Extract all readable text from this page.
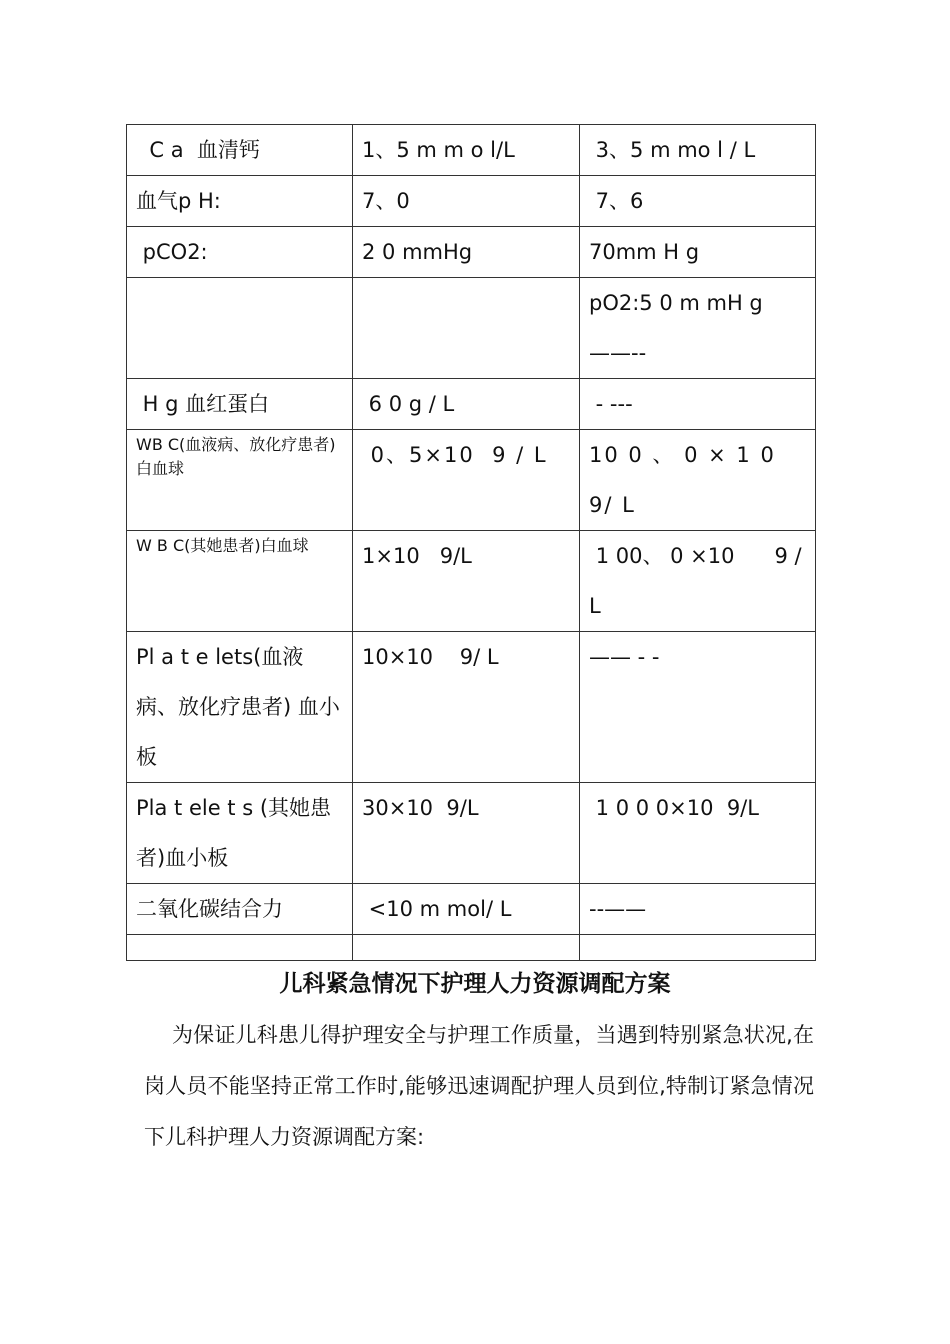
C a  血清钙	1、5 m m o l/L	3、5 m mo l / L
血气p H:	7、0	7、6
pCO2:	2 0 mmHg	70mm H g
		pO2:5 0 m mH g ——--
H g 血红蛋白	6 0 g / L	- ---
WB C(血液病、放化疗患者) 白血球	0、5×10  9 / L	10 0 、 0 × 1 0 9/ L
W B C(其她患者)白血球	1×10   9/L	1 00、 0 ×10      9 / L
Pl a t e lets(血液病、放化疗患者) 血小板	10×10    9/ L	—— - -
Pla t ele t s (其她患者)血小板	30×10  9/L	1 0 0 0×10  9/L
二氧化碳结合力	<10 m mol/ L	--——

儿科紧急情况下护理人力资源调配方案

为保证儿科患儿得护理安全与护理工作质量，当遇到特别紧急状况,在岗人员不能坚持正常工作时,能够迅速调配护理人员到位,特制订紧急情况下儿科护理人力资源调配方案:
